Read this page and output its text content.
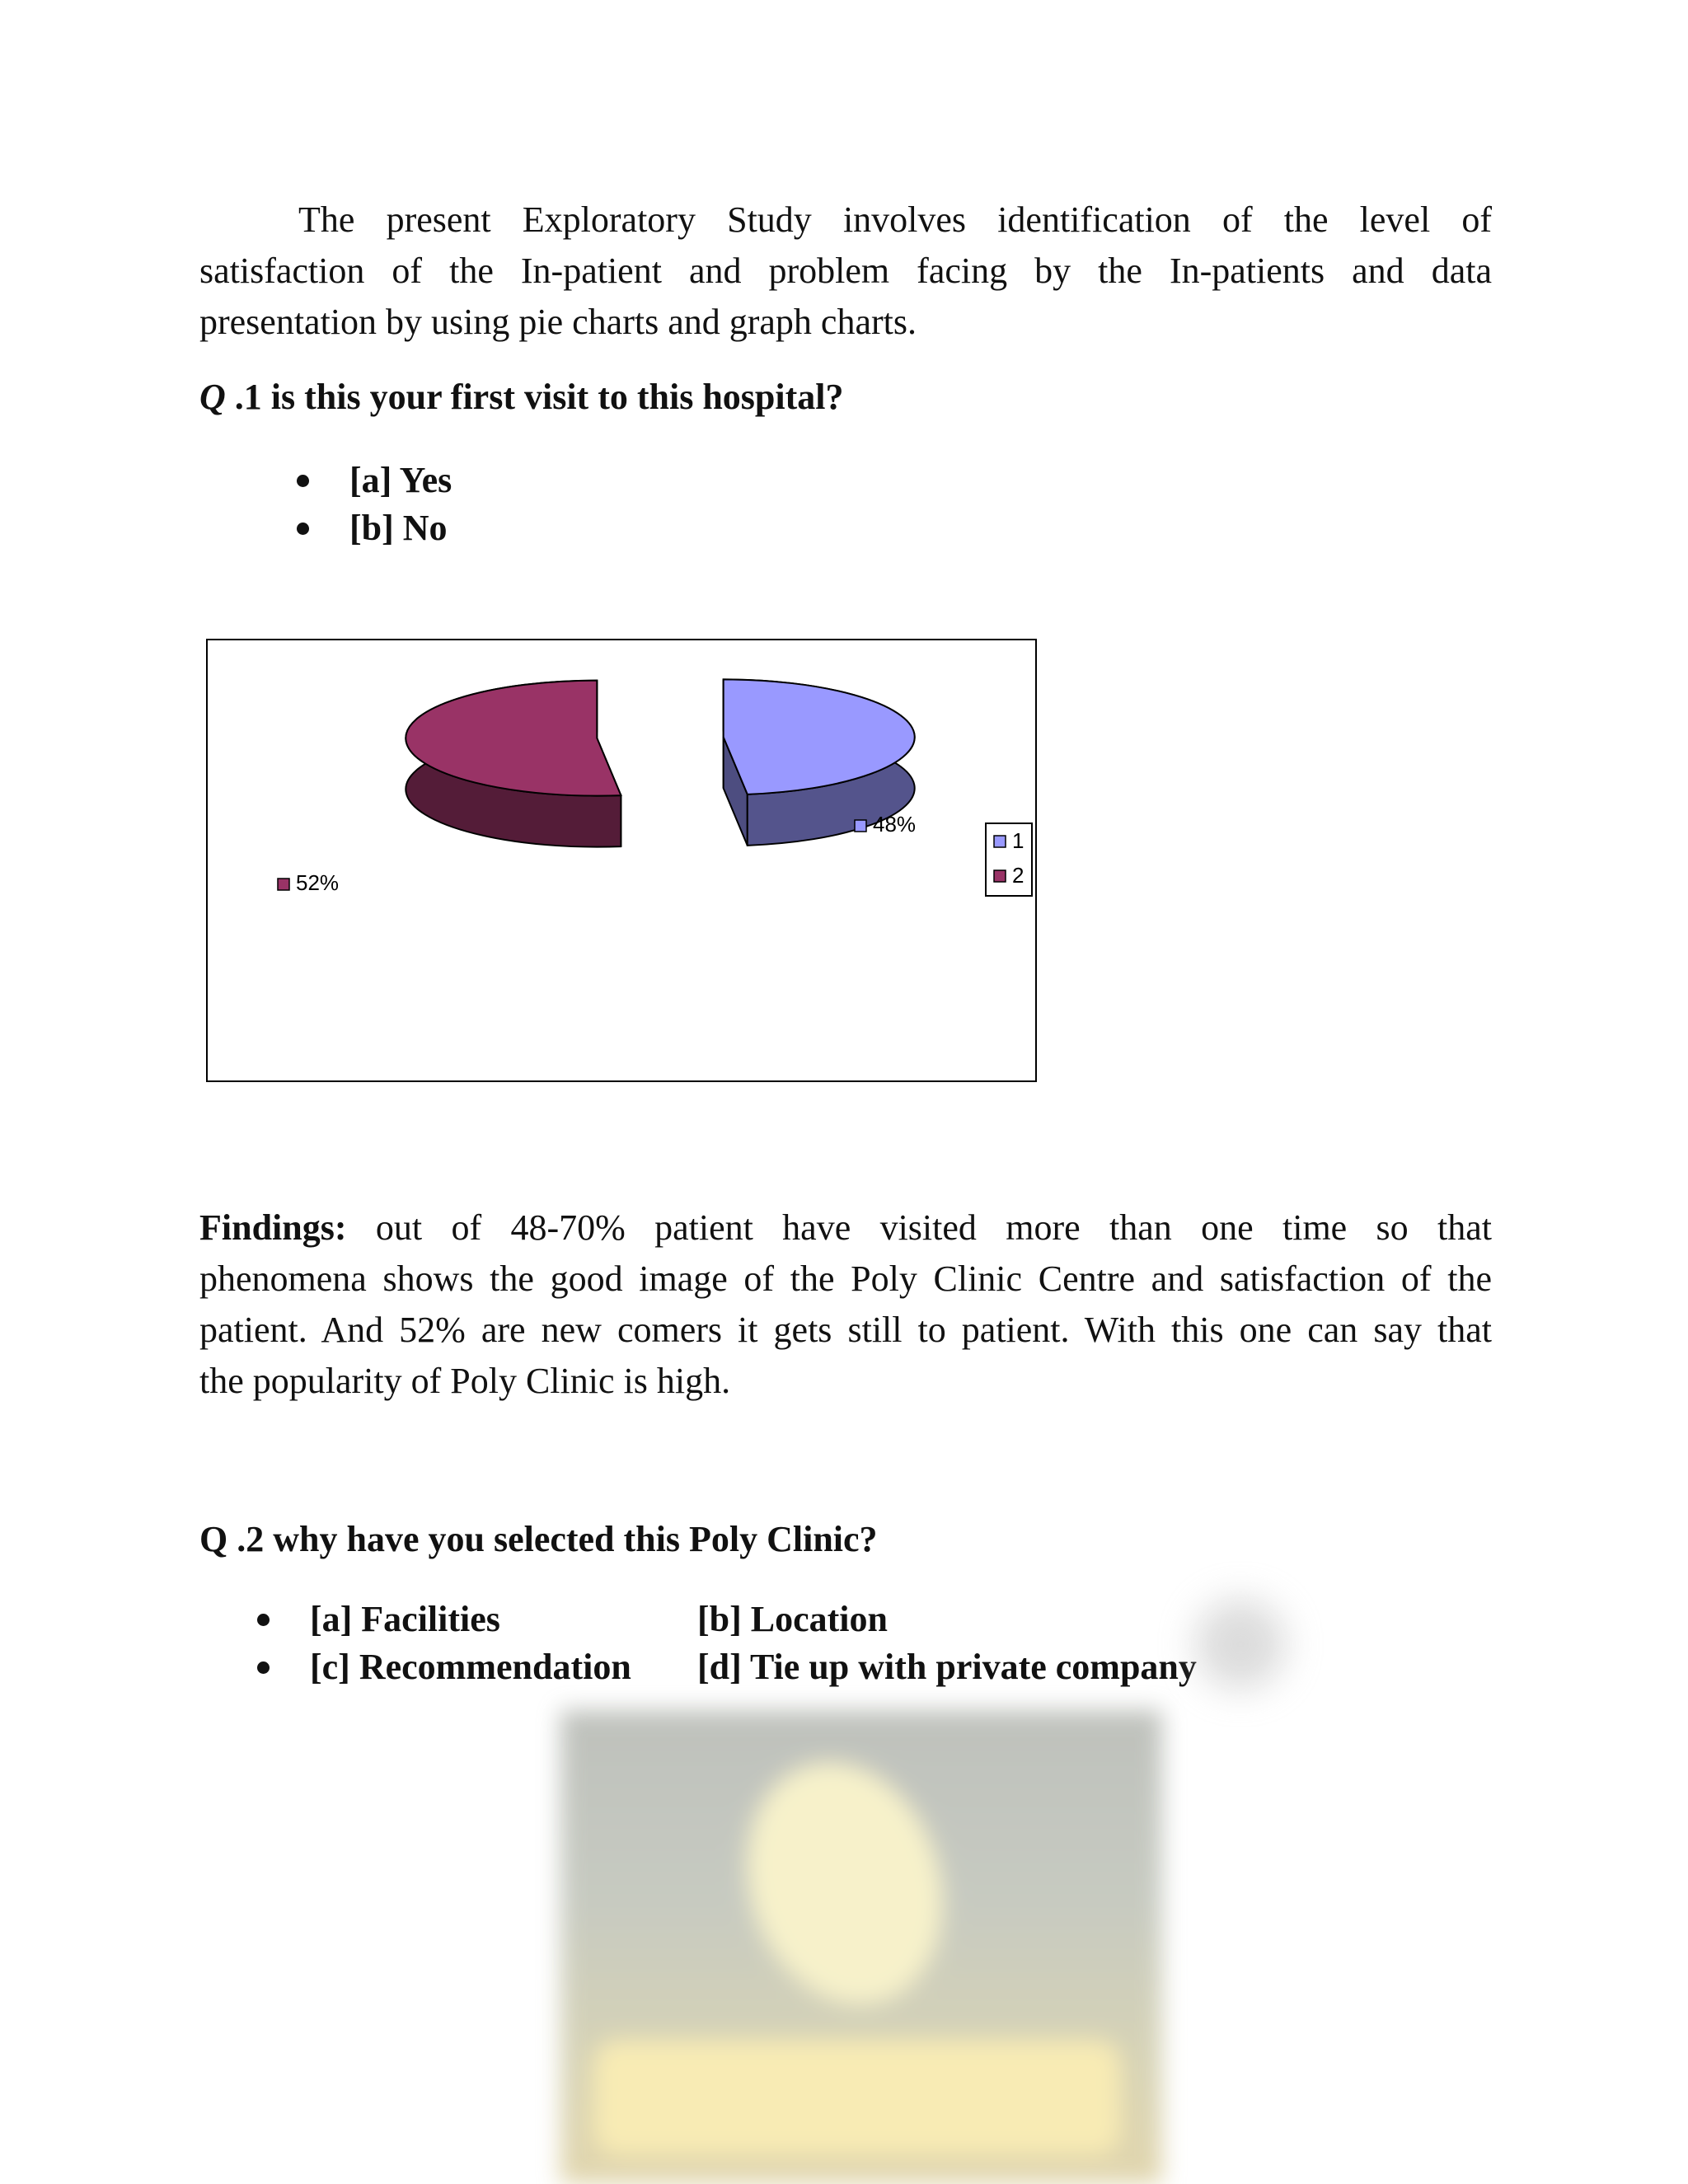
The present Exploratory Study involves identification of the level of
satisfaction of the In-patient and problem facing by the In-patients and data
presentation by using pie charts and graph charts.
Q .1 is this your first visit to this hospital?
[a] Yes
[b] No
48%
52%
1
2
Findings: out of 48-70% patient have visited more than one time so that
phenomena shows the good image of the Poly Clinic Centre and satisfaction of the
patient. And 52% are new comers it gets still to patient. With this one can say that
the popularity of Poly Clinic is high.
Q .2 why have you selected this Poly Clinic?
[a] Facilities	[b] Location
[c] Recommendation [d] Tie up with private company
